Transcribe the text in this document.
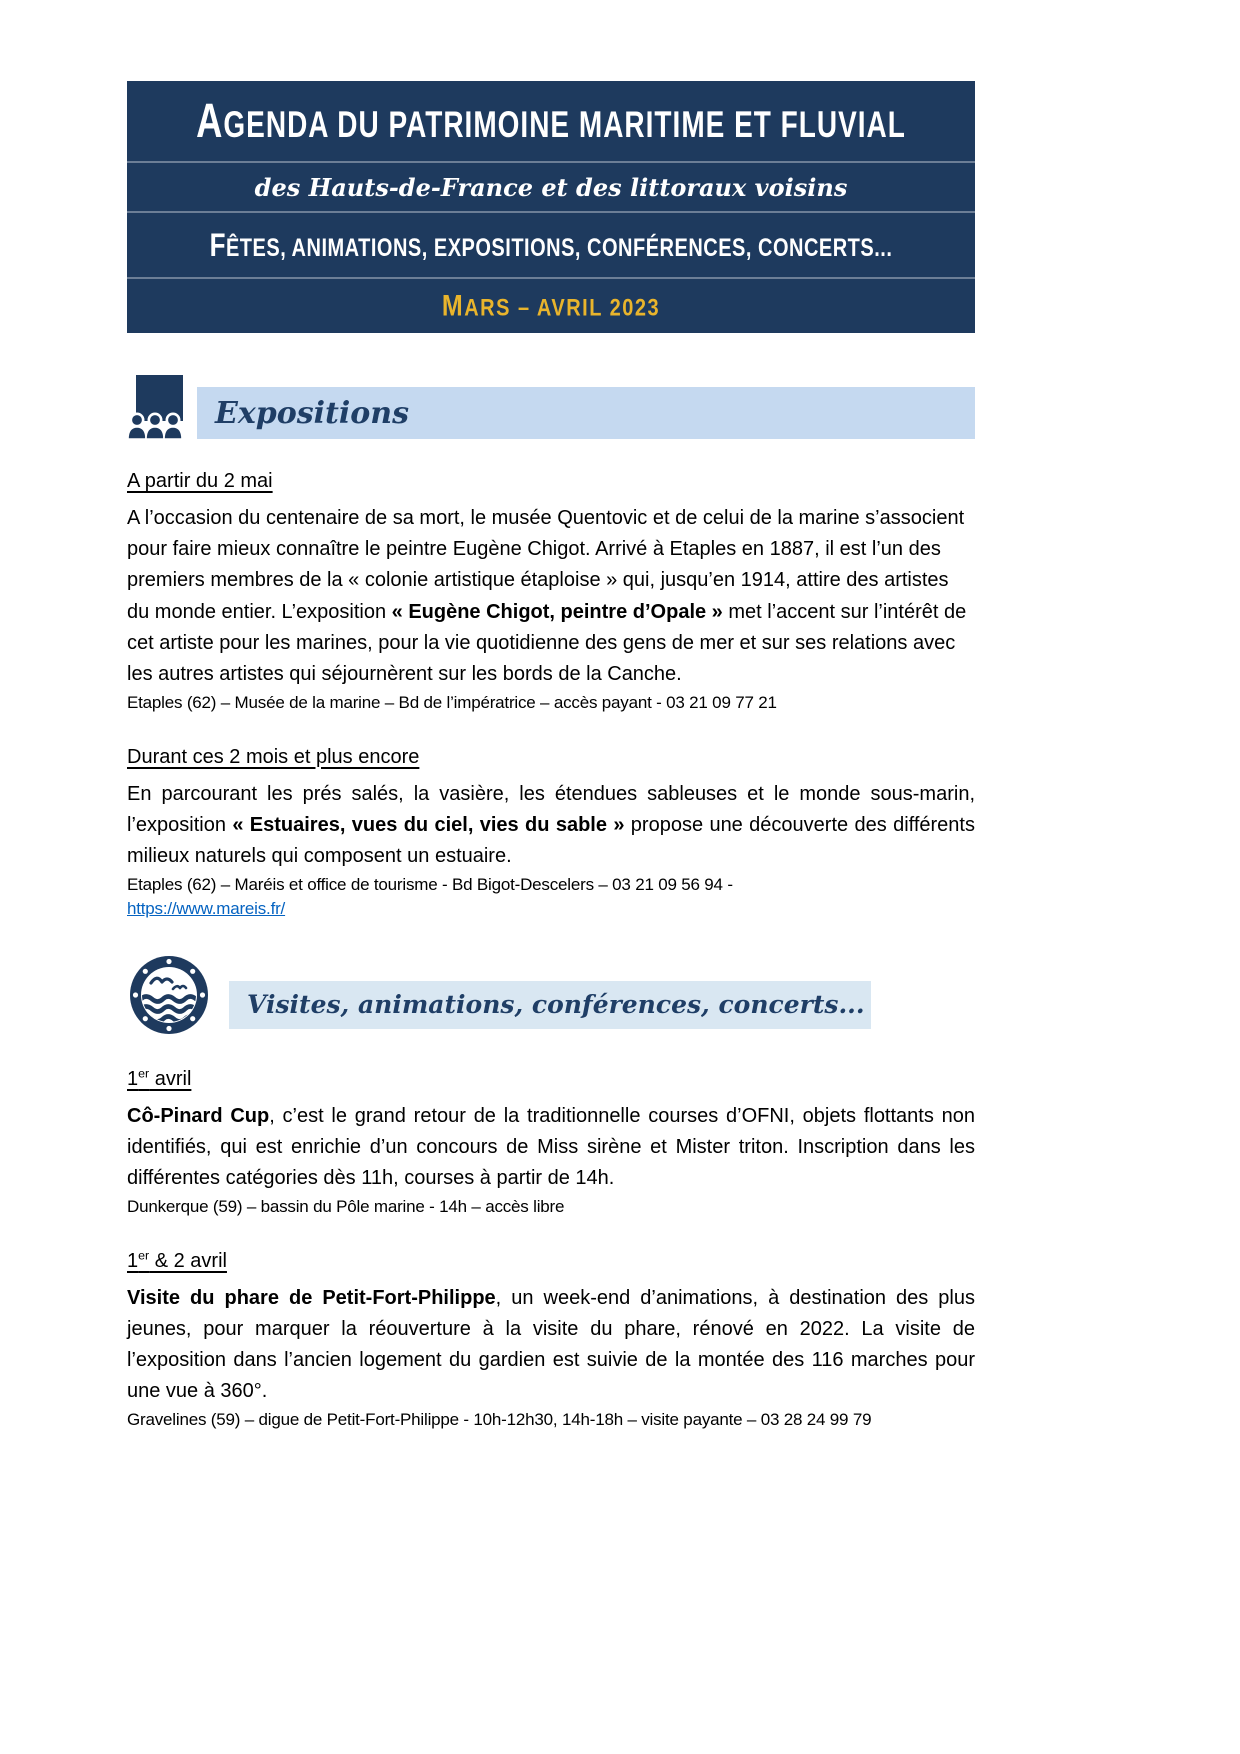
AGENDA DU PATRIMOINE MARITIME ET FLUVIAL
des Hauts-de-France et des littoraux voisins
FÊTES, ANIMATIONS, EXPOSITIONS, CONFÉRENCES, CONCERTS...
MARS – AVRIL 2023
Expositions
A partir du 2 mai

A l’occasion du centenaire de sa mort, le musée Quentovic et de celui de la marine s’associent pour faire mieux connaître le peintre Eugène Chigot. Arrivé à Etaples en 1887, il est l’un des premiers membres de la « colonie artistique étaploise » qui, jusqu’en 1914, attire des artistes du monde entier. L’exposition « Eugène Chigot, peintre d’Opale » met l’accent sur l’intérêt de cet artiste pour les marines, pour la vie quotidienne des gens de mer et sur ses relations avec les autres artistes qui séjournèrent sur les bords de la Canche.

Etaples (62) – Musée de la marine – Bd de l’impératrice – accès payant - 03 21 09 77 21

Durant ces 2 mois et plus encore

En parcourant les prés salés, la vasière, les étendues sableuses et le monde sous-marin, l’exposition « Estuaires, vues du ciel, vies du sable » propose une découverte des différents milieux naturels qui composent un estuaire.

Etaples (62) – Maréis et office de tourisme - Bd Bigot-Descelers – 03 21 09 56 94 -

https://www.mareis.fr/
Visites, animations, conférences, concerts...
1er avril

Cô-Pinard Cup, c’est le grand retour de la traditionnelle courses d’OFNI, objets flottants non identifiés, qui est enrichie d’un concours de Miss sirène et Mister triton. Inscription dans les différentes catégories dès 11h, courses à partir de 14h.

Dunkerque (59) – bassin du Pôle marine - 14h – accès libre

1er & 2 avril

Visite du phare de Petit-Fort-Philippe, un week-end d’animations, à destination des plus jeunes, pour marquer la réouverture à la visite du phare, rénové en 2022. La visite de l’exposition dans l’ancien logement du gardien est suivie de la montée des 116 marches pour une vue à 360°.

Gravelines (59) – digue de Petit-Fort-Philippe - 10h-12h30, 14h-18h – visite payante – 03 28 24 99 79
